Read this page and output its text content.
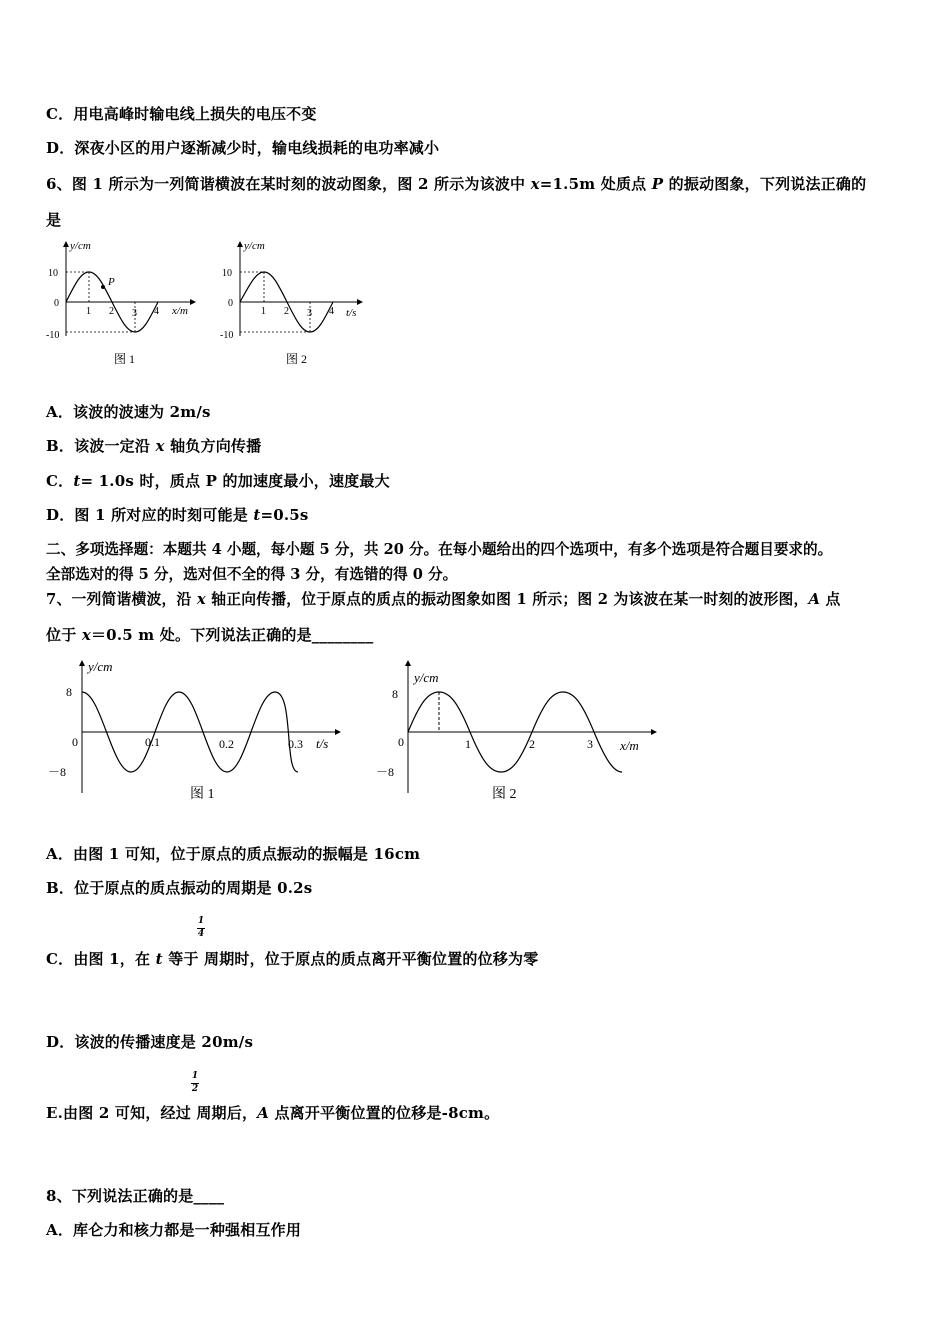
C．用电高峰时输电线上损失的电压不变
D．深夜小区的用户逐渐减少时，输电线损耗的电功率减小
6、图 1 所示为一列简谐横波在某时刻的波动图象，图 2 所示为该波中 x=1.5m 处质点 P 的振动图象，下列说法正确的
是
P
y/cm
10
0
-10
1 2 3 4 x/m
图 1
y/cm
10
0
-10
1 2 3 4 t/s
图 2
A．该波的波速为 2m/s
B．该波一定沿 x 轴负方向传播
C．t= 1.0s 时，质点 P 的加速度最小，速度最大
D．图 1 所对应的时刻可能是 t=0.5s
二、多项选择题：本题共 4 小题，每小题 5 分，共 20 分。在每小题给出的四个选项中，有多个选项是符合题目要求的。
全部选对的得 5 分，选对但不全的得 3 分，有选错的得 0 分。
7、一列简谐横波，沿 x 轴正向传播，位于原点的质点的振动图象如图 1 所示；图 2 为该波在某一时刻的波形图，A 点
位于 x＝0.5 m 处。下列说法正确的是________
y/cm
8
－8
0	0.1	0.2	0.3 t/s
图 1
y/cm
8
－8
0	1	2	3 x/m
图 2
A．由图 1 可知，位于原点的质点振动的振幅是 16cm
B．位于原点的质点振动的周期是 0.2s
1
4
C．由图 1，在 t 等于 周期时，位于原点的质点离开平衡位置的位移为零
D．该波的传播速度是 20m/s
1
2
E.由图 2 可知，经过 周期后，A 点离开平衡位置的位移是-8cm。
8、下列说法正确的是____
A．库仑力和核力都是一种强相互作用
